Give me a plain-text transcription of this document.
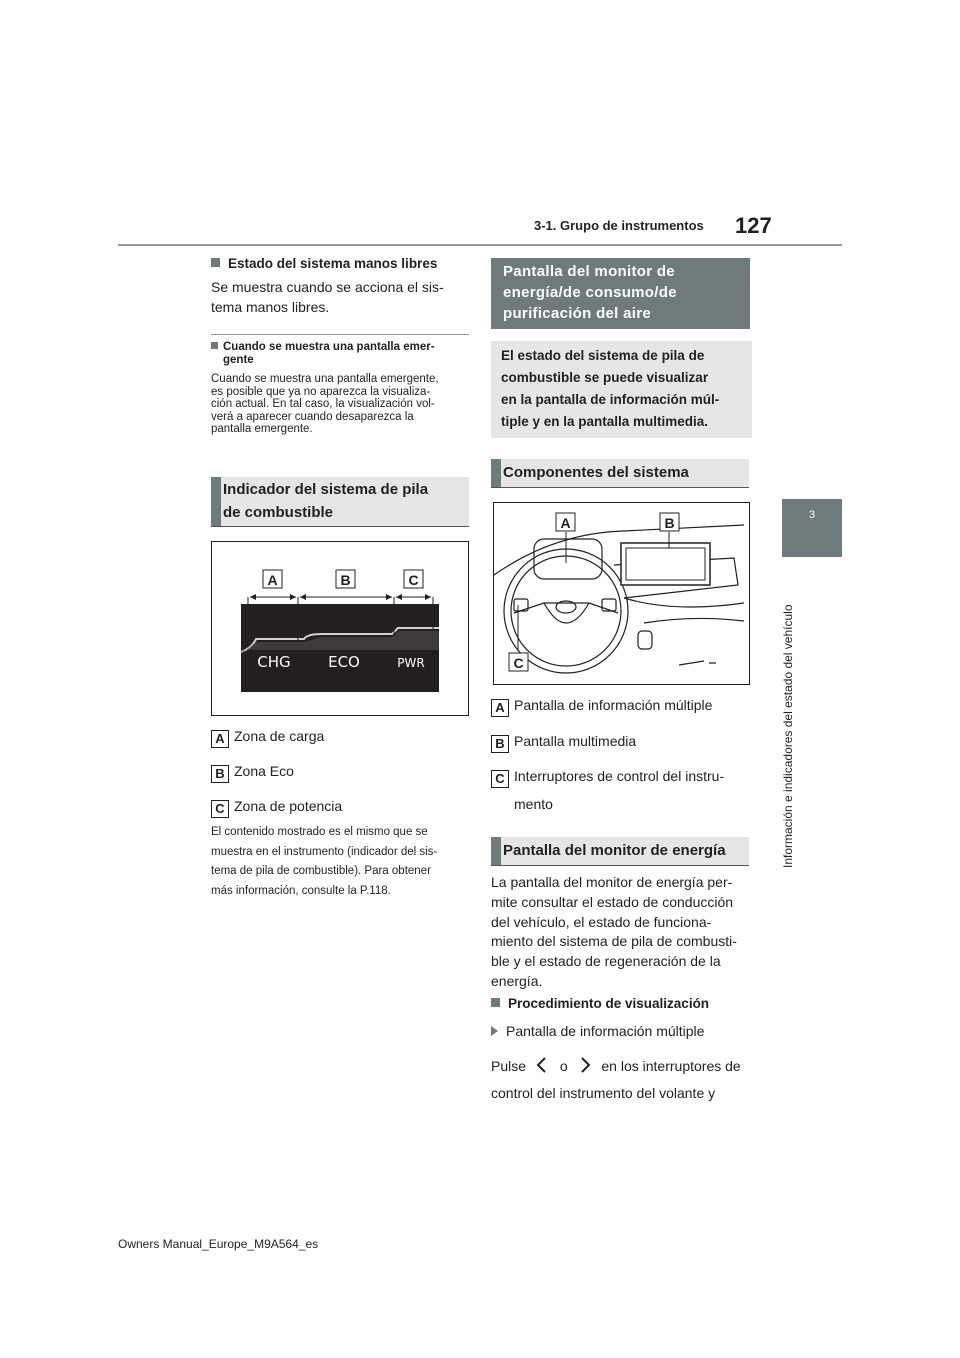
3-1. Grupo de instrumentos 127
3
Información e indicadores del estado del vehículo
Estado del sistema manos libres
Se muestra cuando se acciona el sis-
tema manos libres.
Cuando se muestra una pantalla emer-
gente
Cuando se muestra una pantalla emergente,
es posible que ya no aparezca la visualiza-
ción actual. En tal caso, la visualización vol-
verá a aparecer cuando desaparezca la
pantalla emergente.
Indicador del sistema de pila
de combustible
A	B	C
CHG ECO	PWR
A Zona de carga
B Zona Eco
C Zona de potencia
El contenido mostrado es el mismo que se
muestra en el instrumento (indicador del sis-
tema de pila de combustible). Para obtener
más información, consulte la P.118.
Pantalla del monitor de
energía/de consumo/de
purificación del aire
El estado del sistema de pila de
combustible se puede visualizar
en la pantalla de información múl-
tiple y en la pantalla multimedia.
Componentes del sistema
A	B
C
A Pantalla de información múltiple
B Pantalla multimedia
C Interruptores de control del instru-
mento
Pantalla del monitor de energía
La pantalla del monitor de energía per-
mite consultar el estado de conducción
del vehículo, el estado de funciona-
miento del sistema de pila de combusti-
ble y el estado de regeneración de la
energía.
Procedimiento de visualización
Pantalla de información múltiple
Pulse o en los interruptores de
control del instrumento del volante y
Owners Manual_Europe_M9A564_es
